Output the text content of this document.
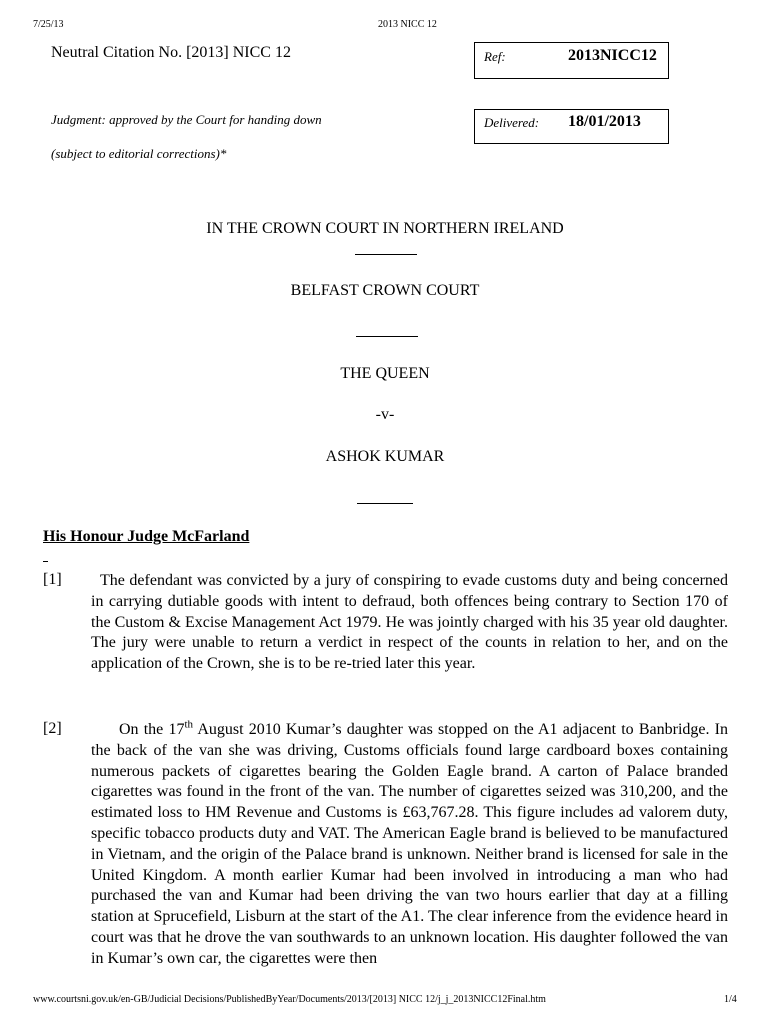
7/25/13	2013 NICC 12
Neutral Citation No. [2013] NICC 12	Ref:	2013NICC12
Judgment: approved by the Court for handing down
(subject to editorial corrections)*
Delivered: 18/01/2013
IN THE CROWN COURT IN NORTHERN IRELAND
BELFAST CROWN COURT
THE QUEEN
-v-
ASHOK KUMAR
His Honour Judge McFarland
[1]	The defendant was convicted by a jury of conspiring to evade customs duty and being concerned in carrying dutiable goods with intent to defraud, both offences being contrary to Section 170 of the Custom & Excise Management Act 1979. He was jointly charged with his 35 year old daughter. The jury were unable to return a verdict in respect of the counts in relation to her, and on the application of the Crown, she is to be re-tried later this year.
[2]	On the 17th August 2010 Kumar’s daughter was stopped on the A1 adjacent to Banbridge. In the back of the van she was driving, Customs officials found large cardboard boxes containing numerous packets of cigarettes bearing the Golden Eagle brand. A carton of Palace branded cigarettes was found in the front of the van. The number of cigarettes seized was 310,200, and the estimated loss to HM Revenue and Customs is £63,767.28. This figure includes ad valorem duty, specific tobacco products duty and VAT. The American Eagle brand is believed to be manufactured in Vietnam, and the origin of the Palace brand is unknown. Neither brand is licensed for sale in the United Kingdom. A month earlier Kumar had been involved in introducing a man who had purchased the van and Kumar had been driving the van two hours earlier that day at a filling station at Sprucefield, Lisburn at the start of the A1. The clear inference from the evidence heard in court was that he drove the van southwards to an unknown location. His daughter followed the van in Kumar’s own car, the cigarettes were then
www.courtsni.gov.uk/en-GB/Judicial Decisions/PublishedByYear/Documents/2013/[2013] NICC 12/j_j_2013NICC12Final.htm	1/4
